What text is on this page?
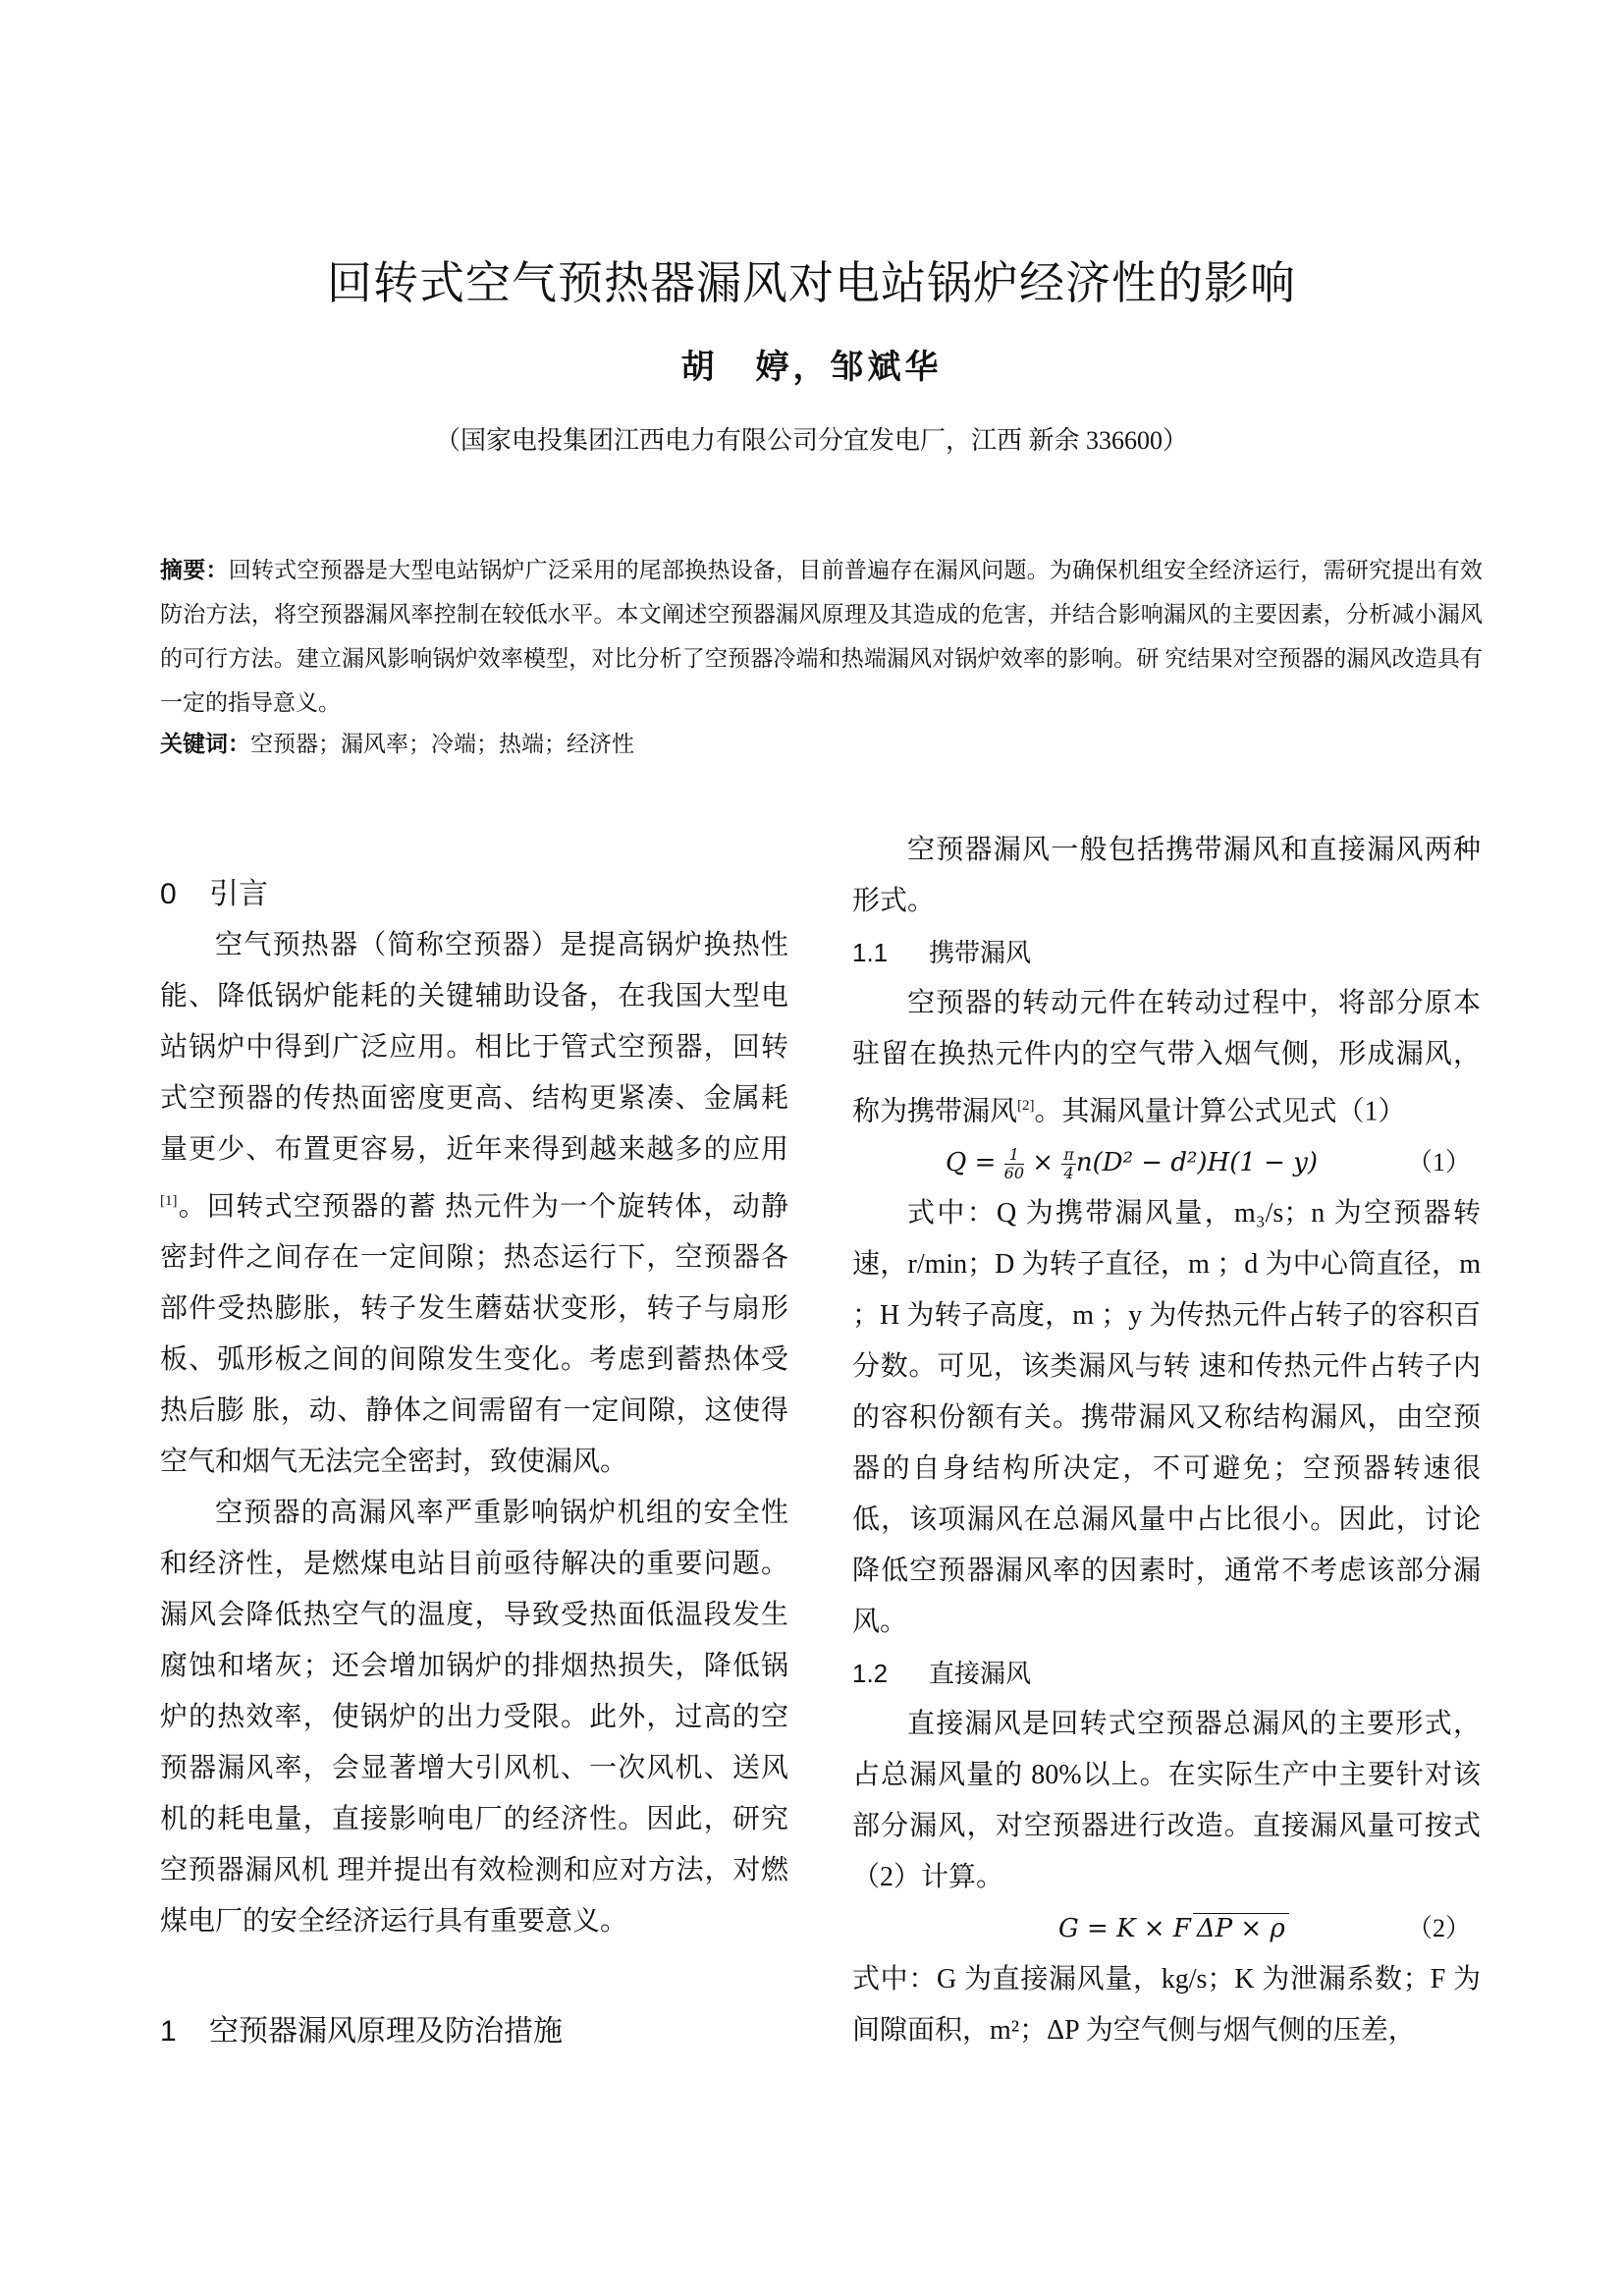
回转式空气预热器漏风对电站锅炉经济性的影响
胡　婷，邹斌华
（国家电投集团江西电力有限公司分宜发电厂，江西 新余 336600）
摘要：回转式空预器是大型电站锅炉广泛采用的尾部换热设备，目前普遍存在漏风问题。为确保机组安全经济运行，需研究提出有效防治方法，将空预器漏风率控制在较低水平。本文阐述空预器漏风原理及其造成的危害，并结合影响漏风的主要因素，分析减小漏风的可行方法。建立漏风影响锅炉效率模型，对比分析了空预器冷端和热端漏风对锅炉效率的影响。研 究结果对空预器的漏风改造具有一定的指导意义。
关键词：空预器；漏风率；冷端；热端；经济性
0 引言

空气预热器（简称空预器）是提高锅炉换热性能、降低锅炉能耗的关键辅助设备，在我国大型电站锅炉中得到广泛应用。相比于管式空预器，回转式空预器的传热面密度更高、结构更紧凑、金属耗量更少、布置更容易，近年来得到越来越多的应用[1]。回转式空预器的蓄 热元件为一个旋转体，动静密封件之间存在一定间隙；热态运行下，空预器各部件受热膨胀，转子发生蘑菇状变形，转子与扇形板、弧形板之间的间隙发生变化。考虑到蓄热体受热后膨 胀，动、静体之间需留有一定间隙，这使得空气和烟气无法完全密封，致使漏风。

空预器的高漏风率严重影响锅炉机组的安全性和经济性，是燃煤电站目前亟待解决的重要问题。漏风会降低热空气的温度，导致受热面低温段发生腐蚀和堵灰；还会增加锅炉的排烟热损失，降低锅炉的热效率，使锅炉的出力受限。此外，过高的空预器漏风率，会显著增大引风机、一次风机、送风机的耗电量，直接影响电厂的经济性。因此，研究空预器漏风机 理并提出有效检测和应对方法，对燃煤电厂的安全经济运行具有重要意义。

1 空预器漏风原理及防治措施

空预器漏风一般包括携带漏风和直接漏风两种形式。

1.1 携带漏风

空预器的转动元件在转动过程中，将部分原本驻留在换热元件内的空气带入烟气侧，形成漏风，称为携带漏风[2]。其漏风量计算公式见式（1）

$Q = \frac{1}{60} \times \frac{\pi}{4} n(D^2 - d^2)H(1 - y)$	（1）

式中：Q 为携带漏风量，m₃/s；n 为空预器转速，r/min；D 为转子直径，m ；d 为中心筒直径，m ；H 为转子高度，m ；y 为传热元件占转子的容积百分数。可见，该类漏风与转 速和传热元件占转子内的容积份额有关。携带漏风又称结构漏风，由空预器的自身结构所决定，不可避免；空预器转速很低，该项漏风在总漏风量中占比很小。因此，讨论降低空预器漏风率的因素时，通常不考虑该部分漏风。

1.2 直接漏风

直接漏风是回转式空预器总漏风的主要形式，占总漏风量的 80%以上。在实际生产中主要针对该部分漏风，对空预器进行改造。直接漏风量可按式（2）计算。

G = K × F ΔP × ρ	（2）

式中：G 为直接漏风量，kg/s；K 为泄漏系数；F 为间隙面积，m²；ΔP 为空气侧与烟气侧的压差，
